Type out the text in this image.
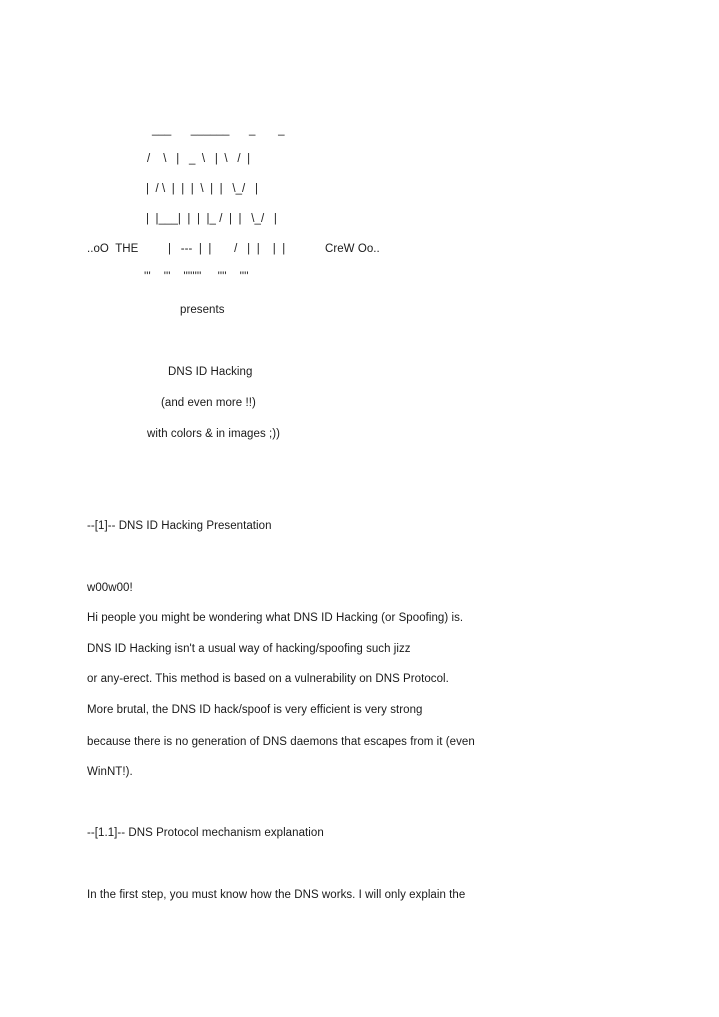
___      ______      _       _
/    \   |   _  \   |  \   /  |
|  / \  |  |  |  \  |  |   \_/   |
|  |___|  |  |  |_ /  |  |   \_/   |
..oO  THE	|   ---  |  |       /   |  |    |  |	CreW Oo..
'''    '''    ''''''''     ''''    ''''
presents
DNS ID Hacking
(and even more !!)
with colors & in images ;))
--[1]-- DNS ID Hacking Presentation
w00w00!
Hi people you might be wondering what DNS ID Hacking (or Spoofing) is.
DNS ID Hacking isn't a usual way of hacking/spoofing such jizz
or any-erect. This method is based on a vulnerability on DNS Protocol.
More brutal, the DNS ID hack/spoof is very efficient is very strong
because there is no generation of DNS daemons that escapes from it (even
WinNT!).
--[1.1]-- DNS Protocol mechanism explanation
In the first step, you must know how the DNS works. I will only explain the
